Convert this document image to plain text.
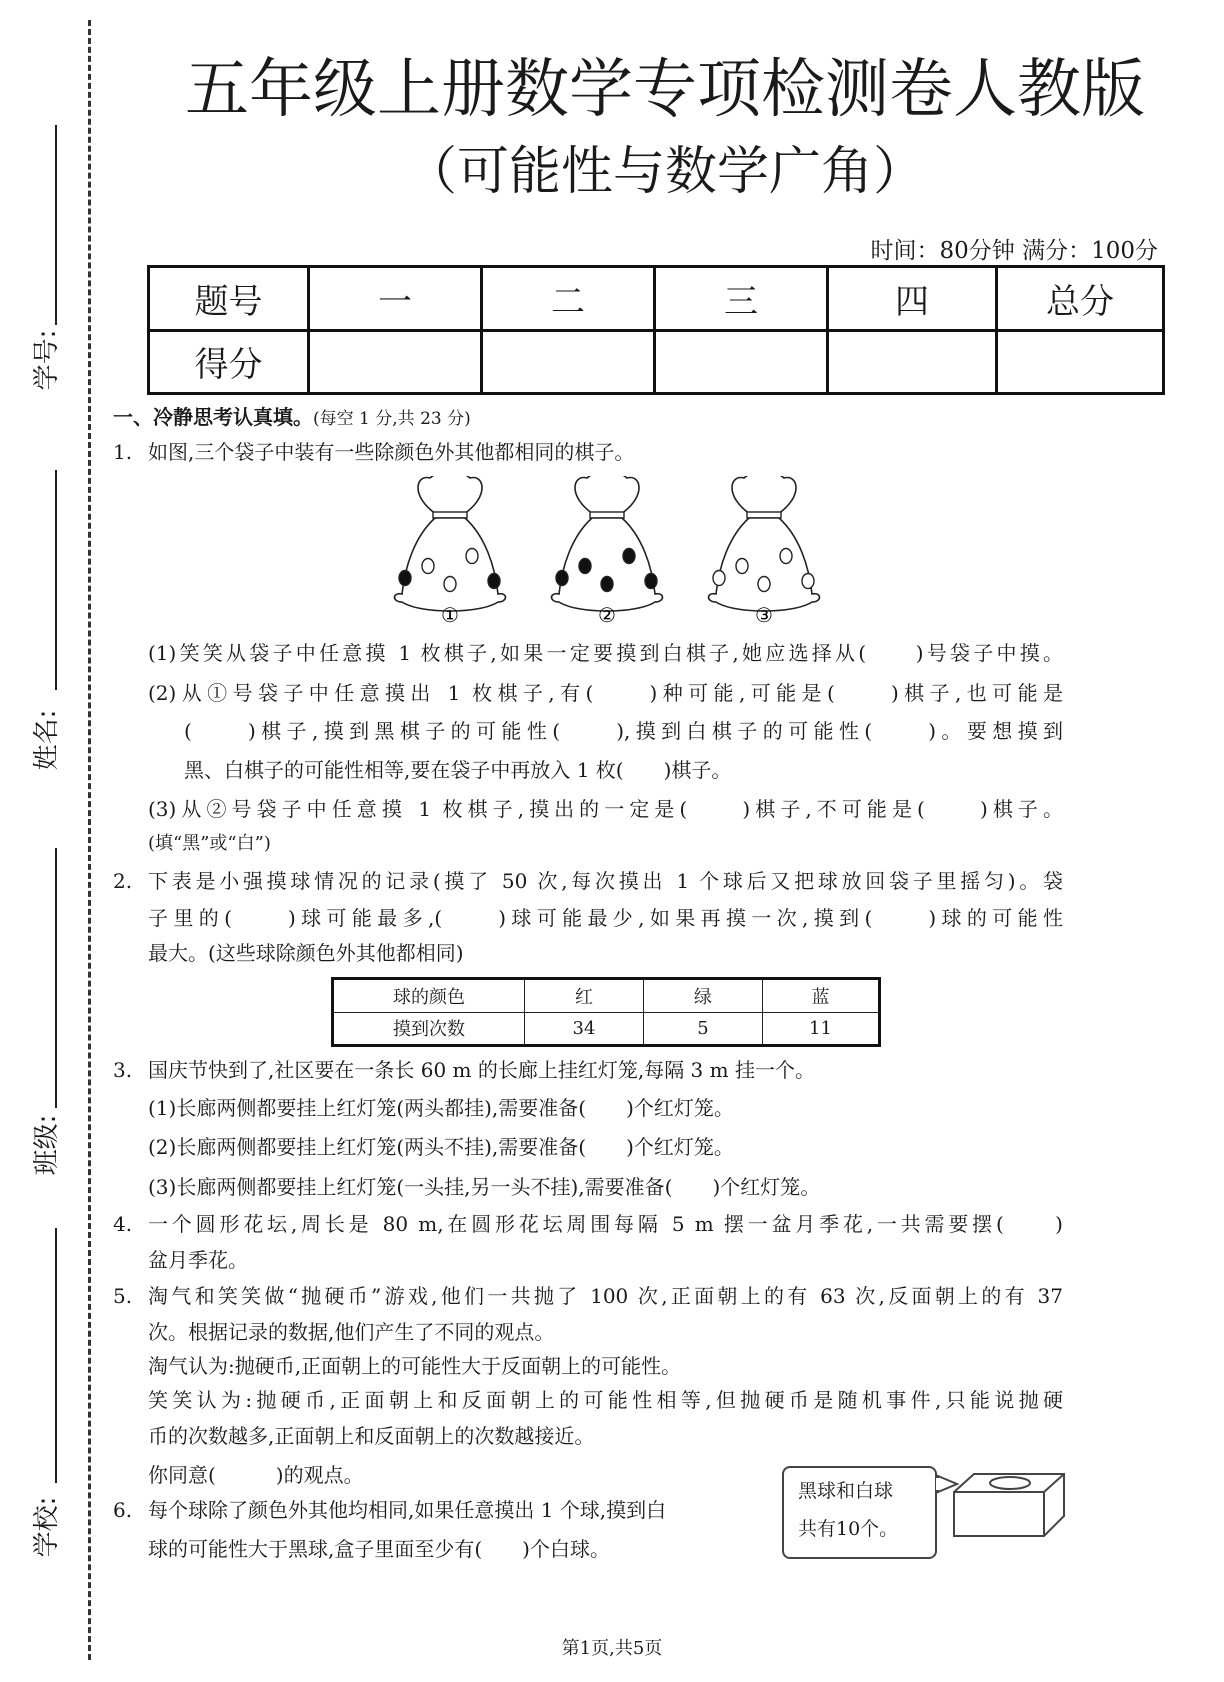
学号:
姓名:
班级:
学校:
五年级上册数学专项检测卷人教版
（可能性与数学广角）
时间：80分钟 满分：100分
题号	一	二	三	四	总分
得分					
一、冷静思考认真填。(每空 1 分,共 23 分)
1. 如图,三个袋子中装有一些除颜色外其他都相同的棋子。
①	②	③
(1)笑笑从袋子中任意摸 1 枚棋子,如果一定要摸到白棋子,她应选择从(　　)号袋子中摸。
(2)从①号袋子中任意摸出 1 枚棋子,有(　　)种可能,可能是(　　)棋子,也可能是
(　　)棋子,摸到黑棋子的可能性(　　),摸到白棋子的可能性(　　)。要想摸到
黑、白棋子的可能性相等,要在袋子中再放入 1 枚(　　)棋子。
(3)从②号袋子中任意摸 1 枚棋子,摸出的一定是(　　)棋子,不可能是(　　)棋子。
(填“黑”或“白”)
2. 下表是小强摸球情况的记录(摸了 50 次,每次摸出 1 个球后又把球放回袋子里摇匀)。袋
子里的(　　)球可能最多,(　　)球可能最少,如果再摸一次,摸到(　　)球的可能性
最大。(这些球除颜色外其他都相同)
球的颜色	红	绿	蓝
摸到次数	34	5	11
3. 国庆节快到了,社区要在一条长 60 m 的长廊上挂红灯笼,每隔 3 m 挂一个。
(1)长廊两侧都要挂上红灯笼(两头都挂),需要准备(　　)个红灯笼。
(2)长廊两侧都要挂上红灯笼(两头不挂),需要准备(　　)个红灯笼。
(3)长廊两侧都要挂上红灯笼(一头挂,另一头不挂),需要准备(　　)个红灯笼。
4. 一个圆形花坛,周长是 80 m,在圆形花坛周围每隔 5 m 摆一盆月季花,一共需要摆(　　)
盆月季花。
5. 淘气和笑笑做“抛硬币”游戏,他们一共抛了 100 次,正面朝上的有 63 次,反面朝上的有 37
次。根据记录的数据,他们产生了不同的观点。
淘气认为:抛硬币,正面朝上的可能性大于反面朝上的可能性。
笑笑认为:抛硬币,正面朝上和反面朝上的可能性相等,但抛硬币是随机事件,只能说抛硬
币的次数越多,正面朝上和反面朝上的次数越接近。
你同意(　　　)的观点。
6. 每个球除了颜色外其他均相同,如果任意摸出 1 个球,摸到白
球的可能性大于黑球,盒子里面至少有(　　)个白球。
黑球和白球
共有10个。
第1页,共5页
